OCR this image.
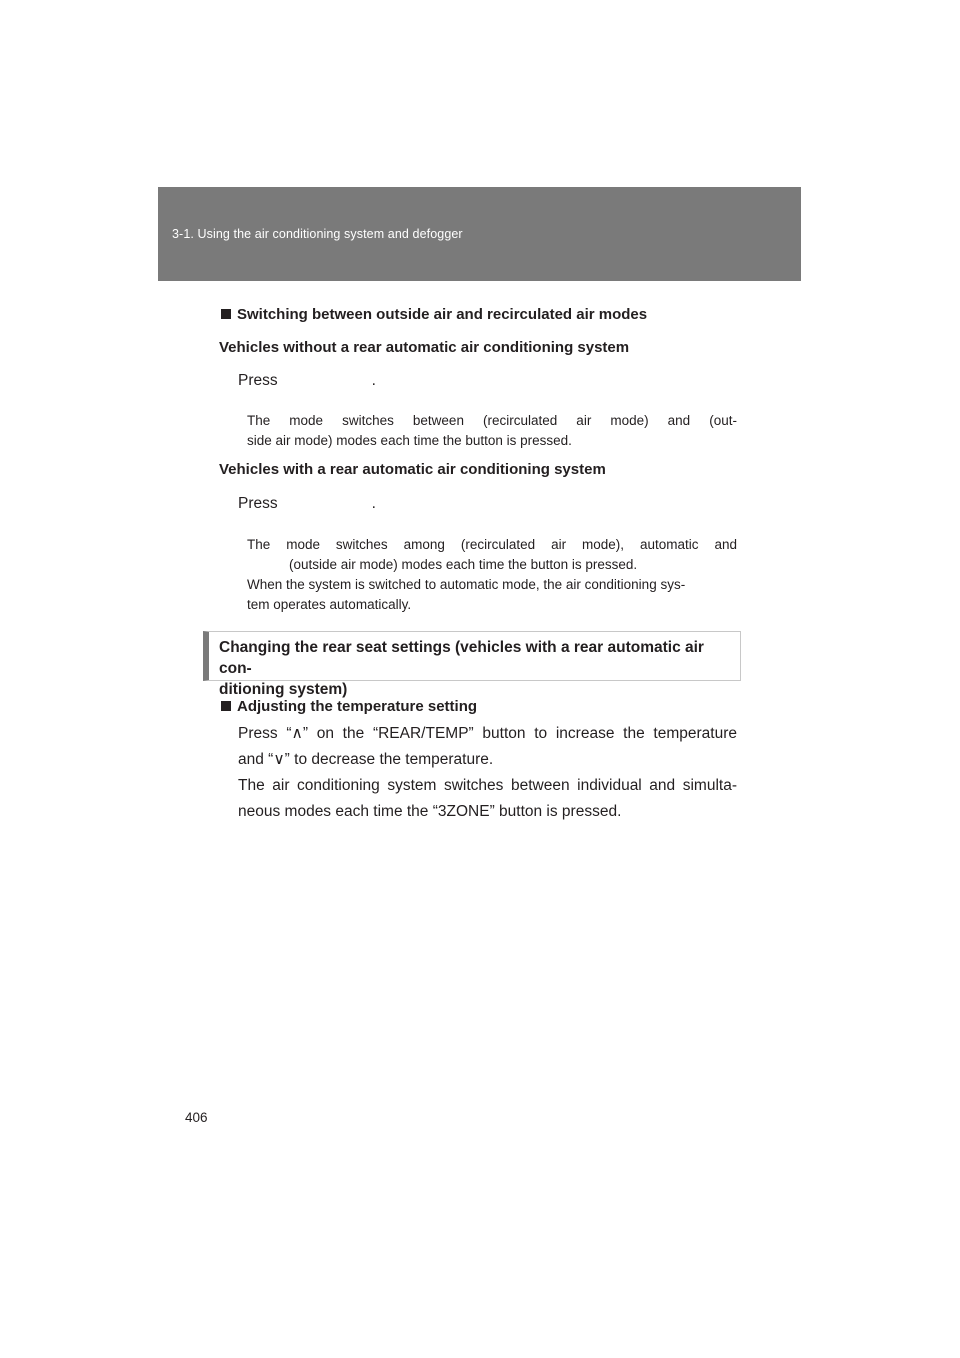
3-1. Using the air conditioning system and defogger
Switching between outside air and recirculated air modes
Vehicles without a rear automatic air conditioning system
Press	.
The mode switches between (recirculated air mode) and (out-
side air mode) modes each time the button is pressed.
Vehicles with a rear automatic air conditioning system
Press	.
The mode switches among (recirculated air mode), automatic and
(outside air mode) modes each time the button is pressed.
When the system is switched to automatic mode, the air conditioning sys-
tem operates automatically.
Changing the rear seat settings (vehicles with a rear automatic air con-
ditioning system)
Adjusting the temperature setting
Press “∧” on the “REAR/TEMP” button to increase the temperature
and “∨” to decrease the temperature.
The air conditioning system switches between individual and simulta-
neous modes each time the “3ZONE” button is pressed.
406
